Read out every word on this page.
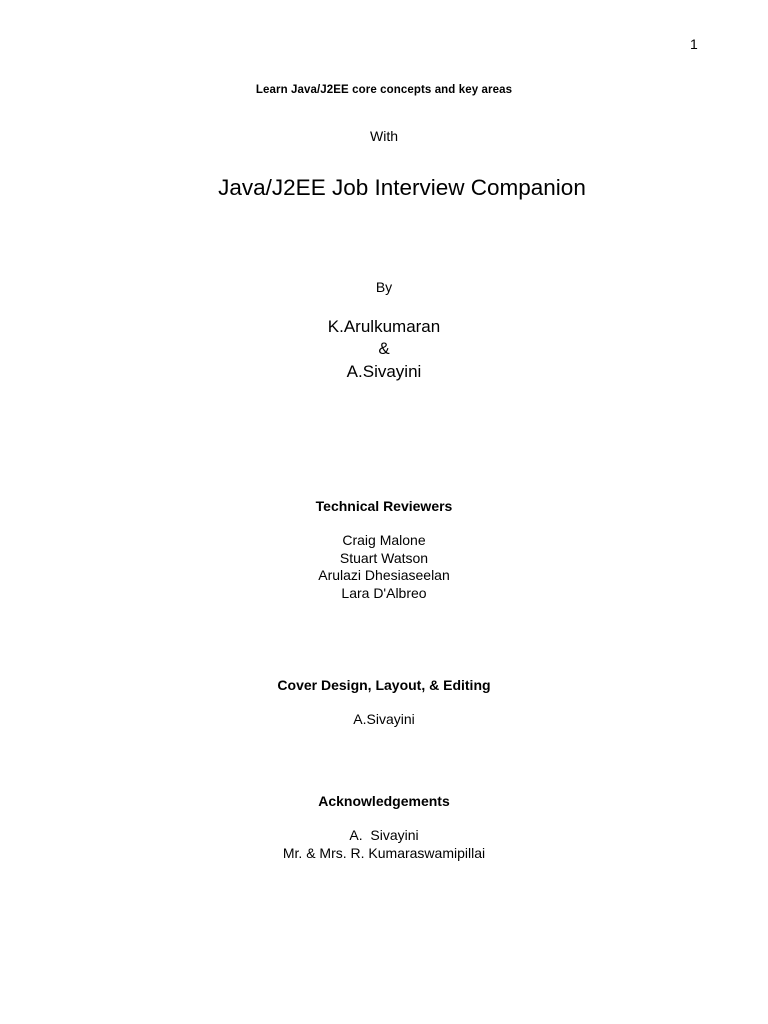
1

Learn Java/J2EE core concepts and key areas

With

Java/J2EE Job Interview Companion

By

K.Arulkumaran

&

A.Sivayini

Technical Reviewers

Craig Malone
Stuart Watson
Arulazi Dhesiaseelan
Lara D'Albreo

Cover Design, Layout, & Editing

A.Sivayini

Acknowledgements

A.  Sivayini
Mr. & Mrs. R. Kumaraswamipillai
